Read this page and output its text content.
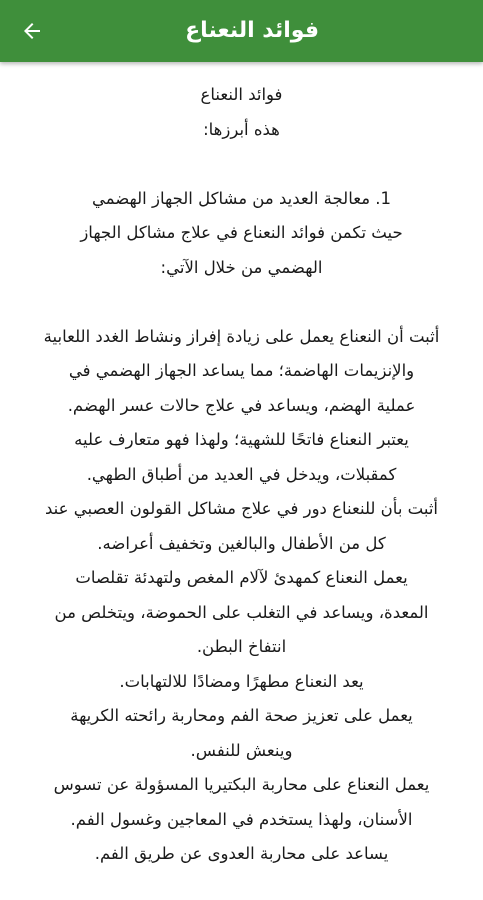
فوائد النعناع
فوائد النعناع
هذه أبرزها:
1. معالجة العديد من مشاكل الجهاز الهضمي
حيث تكمن فوائد النعناع في علاج مشاكل الجهاز
الهضمي من خلال الآتي:
أثبت أن النعناع يعمل على زيادة إفراز ونشاط الغدد اللعابية
والإنزيمات الهاضمة؛ مما يساعد الجهاز الهضمي في
عملية الهضم، ويساعد في علاج حالات عسر الهضم.
يعتبر النعناع فاتحًا للشهية؛ ولهذا فهو متعارف عليه
كمقبلات، ويدخل في العديد من أطباق الطهي.
أثبت بأن للنعناع دور في علاج مشاكل القولون العصبي عند
كل من الأطفال والبالغين وتخفيف أعراضه.
يعمل النعناع كمهدئ لآلام المغص ولتهدئة تقلصات
المعدة، ويساعد في التغلب على الحموضة، ويتخلص من
انتفاخ البطن.
يعد النعناع مطهرًا ومضادًا للالتهابات.
يعمل على تعزيز صحة الفم ومحاربة رائحته الكريهة
وينعش للنفس.
يعمل النعناع على محاربة البكتيريا المسؤولة عن تسوس
الأسنان، ولهذا يستخدم في المعاجين وغسول الفم.
يساعد على محاربة العدوى عن طريق الفم.
